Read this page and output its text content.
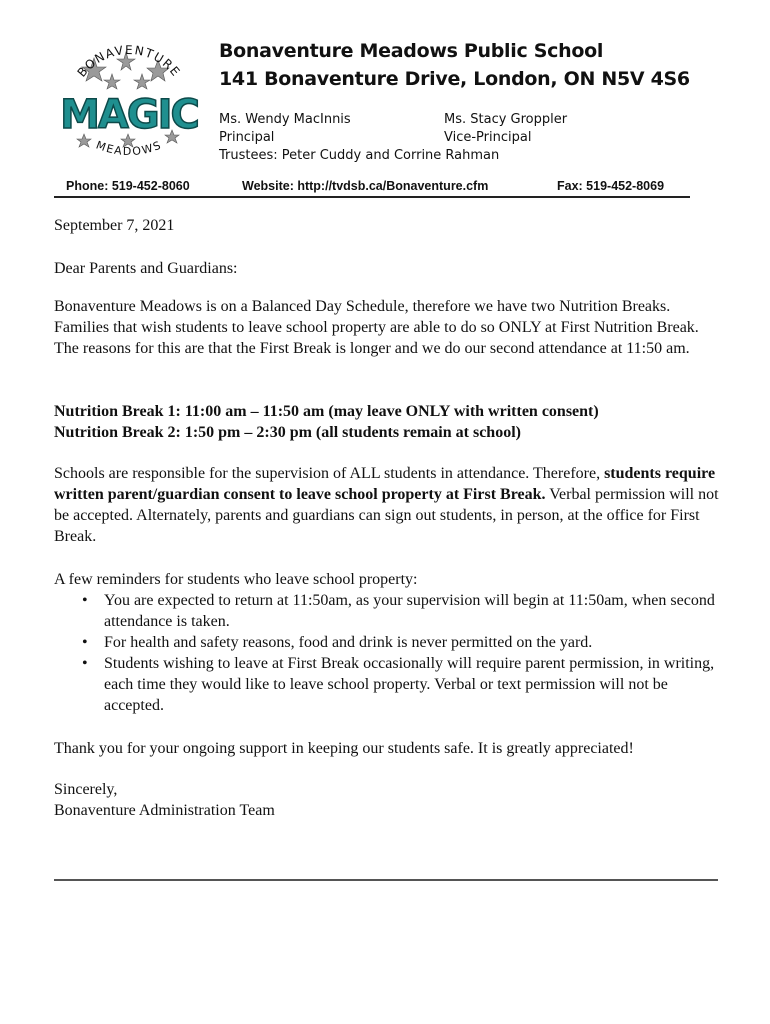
BONAVENTURE
MAGIC
MEADOWS
Bonaventure Meadows Public School
141 Bonaventure Drive, London, ON N5V 4S6
Ms. Wendy MacInnis
Principal
Ms. Stacy Groppler
Vice-Principal
Trustees: Peter Cuddy and Corrine Rahman
Phone: 519-452-8060	Website: http://tvdsb.ca/Bonaventure.cfm	Fax: 519-452-8069
September 7, 2021
Dear Parents and Guardians:

Bonaventure Meadows is on a Balanced Day Schedule, therefore we have two Nutrition Breaks. Families that wish students to leave school property are able to do so ONLY at First Nutrition Break. The reasons for this are that the First Break is longer and we do our second attendance at 11:50 am.

Nutrition Break 1: 11:00 am – 11:50 am (may leave ONLY with written consent)
Nutrition Break 2: 1:50 pm – 2:30 pm (all students remain at school)

Schools are responsible for the supervision of ALL students in attendance. Therefore, students require written parent/guardian consent to leave school property at First Break. Verbal permission will not be accepted. Alternately, parents and guardians can sign out students, in person, at the office for First Break.

A few reminders for students who leave school property:

• You are expected to return at 11:50am, as your supervision will begin at 11:50am, when second attendance is taken.
• For health and safety reasons, food and drink is never permitted on the yard.
• Students wishing to leave at First Break occasionally will require parent permission, in writing, each time they would like to leave school property. Verbal or text permission will not be accepted.
Thank you for your ongoing support in keeping our students safe. It is greatly appreciated!
Sincerely,
Bonaventure Administration Team
